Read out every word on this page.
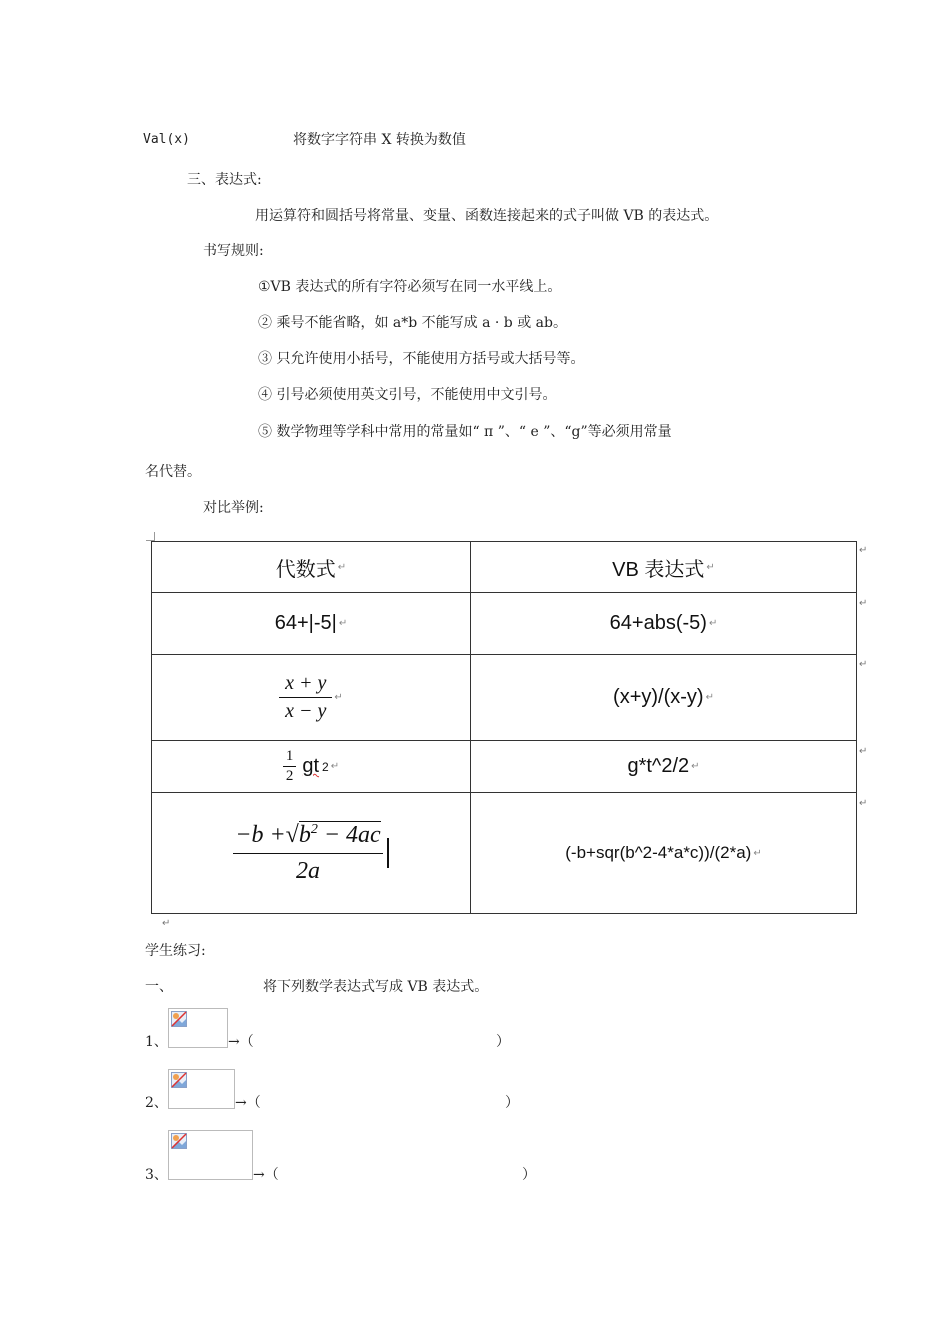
Val(x)	将数字字符串 X 转换为数值
三、表达式:
用运算符和圆括号将常量、变量、函数连接起来的式子叫做 VB 的表达式。
书写规则:
①VB 表达式的所有字符必须写在同一水平线上。
② 乘号不能省略，如 a*b 不能写成 a · b 或 ab。
③ 只允许使用小括号，不能使用方括号或大括号等。
④ 引号必须使用英文引号，不能使用中文引号。
⑤ 数学物理等学科中常用的常量如“ π ”、“ e ”、“g”等必须用常量
名代替。
对比举例:
代数式 ↵	VB 表达式 ↵
64+|-5| ↵	64+abs(-5) ↵
$\frac{x + y}{x - y}$ ↵	(x+y)/(x-y) ↵
$\frac{1}{2}$ gt 2 ↵	g*t^2/2 ↵
$\frac{-b +√b^2 - 4ac}{2a}$	(-b+sqr(b^2-4*a*c))/(2*a) ↵
↵
↵
↵
↵
↵
↵
学生练习:
一、	将下列数学表达式写成 VB 表达式。
1、	→（	）
2、	→（	）
3、	→（	）
